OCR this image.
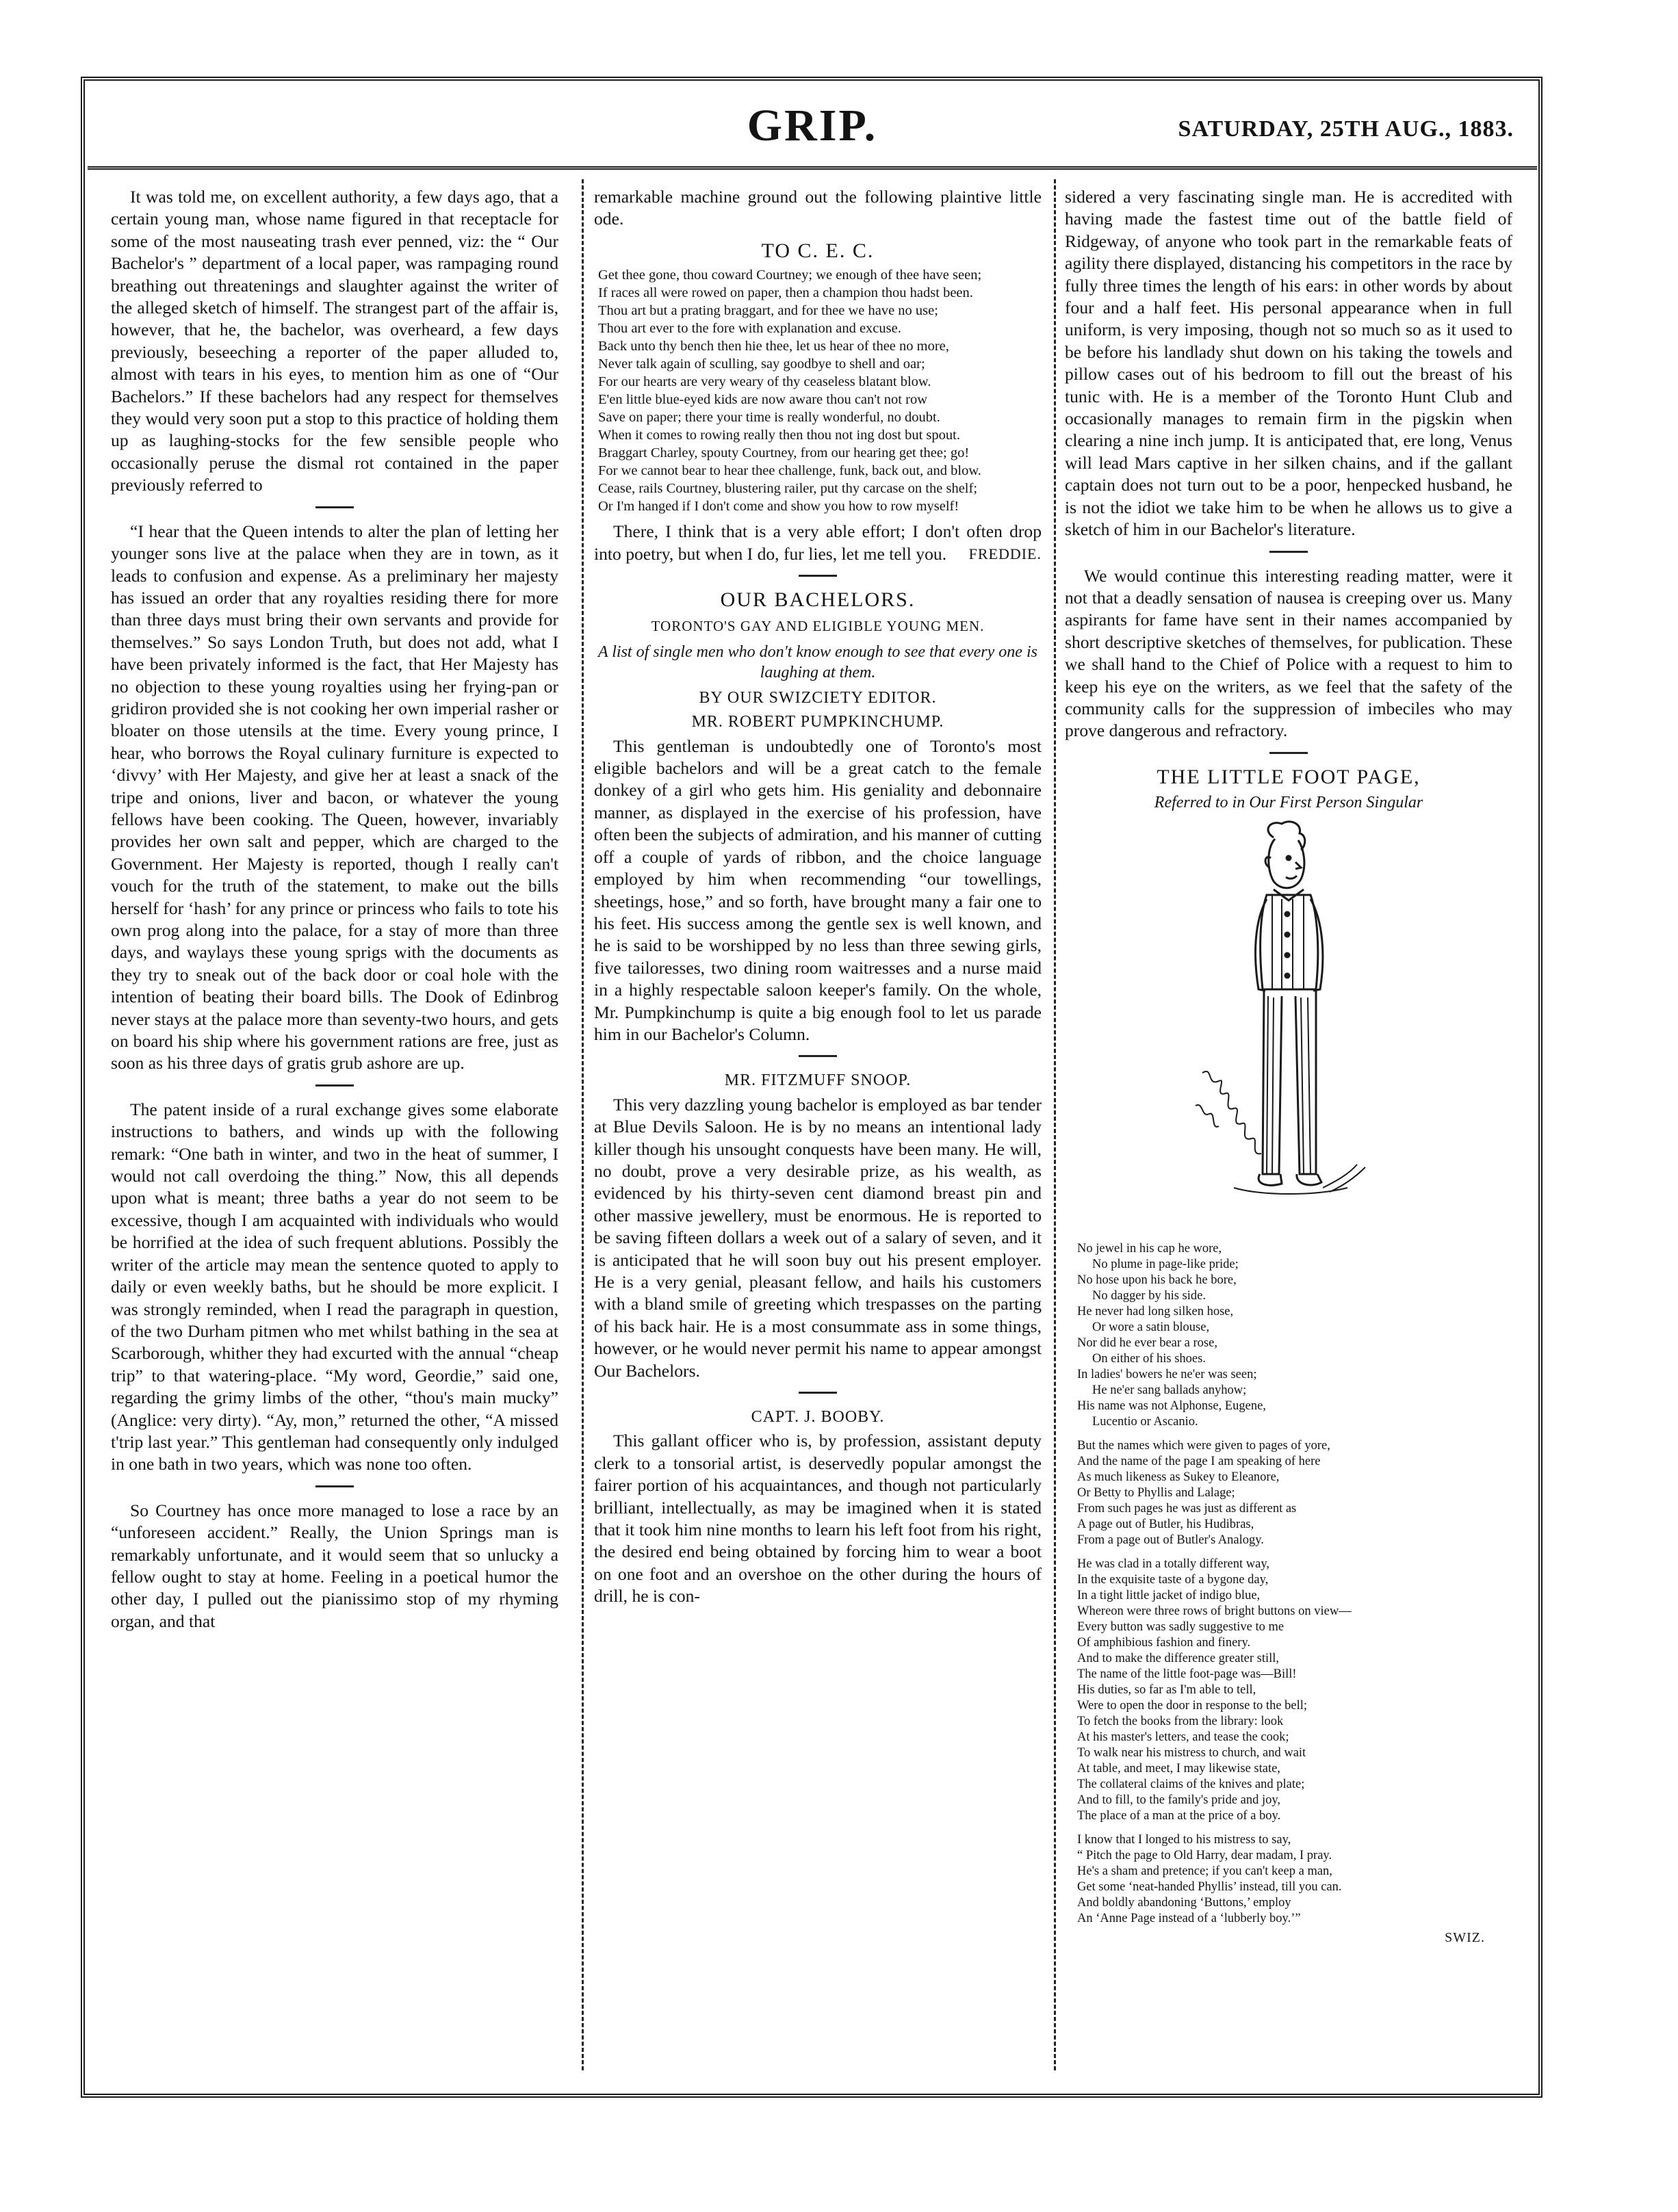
GRIP.	SATURDAY, 25TH AUG., 1883.

It was told me, on excellent authority, a few days ago, that a certain young man, whose name figured in that receptacle for some of the most nauseating trash ever penned, viz: the “ Our Bachelor's ” department of a local paper, was rampaging round breathing out threatenings and slaughter against the writer of the alleged sketch of himself. The strangest part of the affair is, however, that he, the bachelor, was overheard, a few days previously, beseeching a reporter of the paper alluded to, almost with tears in his eyes, to mention him as one of “Our Bachelors.” If these bachelors had any respect for themselves they would very soon put a stop to this practice of holding them up as laughing-stocks for the few sensible people who occasionally peruse the dismal rot contained in the paper previously referred to

“I hear that the Queen intends to alter the plan of letting her younger sons live at the palace when they are in town, as it leads to confusion and expense. As a preliminary her majesty has issued an order that any royalties residing there for more than three days must bring their own servants and provide for themselves.” So says London Truth, but does not add, what I have been privately informed is the fact, that Her Majesty has no objection to these young royalties using her frying-pan or gridiron provided she is not cooking her own imperial rasher or bloater on those utensils at the time. Every young prince, I hear, who borrows the Royal culinary furniture is expected to ‘divvy’ with Her Majesty, and give her at least a snack of the tripe and onions, liver and bacon, or whatever the young fellows have been cooking. The Queen, however, invariably provides her own salt and pepper, which are charged to the Government. Her Majesty is reported, though I really can't vouch for the truth of the statement, to make out the bills herself for ‘hash’ for any prince or princess who fails to tote his own prog along into the palace, for a stay of more than three days, and waylays these young sprigs with the documents as they try to sneak out of the back door or coal hole with the intention of beating their board bills. The Dook of Edinbrog never stays at the palace more than seventy-two hours, and gets on board his ship where his government rations are free, just as soon as his three days of gratis grub ashore are up.

The patent inside of a rural exchange gives some elaborate instructions to bathers, and winds up with the following remark: “One bath in winter, and two in the heat of summer, I would not call overdoing the thing.” Now, this all depends upon what is meant; three baths a year do not seem to be excessive, though I am acquainted with individuals who would be horrified at the idea of such frequent ablutions. Possibly the writer of the article may mean the sentence quoted to apply to daily or even weekly baths, but he should be more explicit. I was strongly reminded, when I read the paragraph in question, of the two Durham pitmen who met whilst bathing in the sea at Scarborough, whither they had excurted with the annual “cheap trip” to that watering-place. “My word, Geordie,” said one, regarding the grimy limbs of the other, “thou's main mucky” (Anglice: very dirty). “Ay, mon,” returned the other, “A missed t'trip last year.” This gentleman had consequently only indulged in one bath in two years, which was none too often.

So Courtney has once more managed to lose a race by an “unforeseen accident.” Really, the Union Springs man is remarkably unfortunate, and it would seem that so unlucky a fellow ought to stay at home. Feeling in a poetical humor the other day, I pulled out the pianissimo stop of my rhyming organ, and that

remarkable machine ground out the following plaintive little ode.

TO C. E. C.
Get thee gone, thou coward Courtney; we enough of thee have seen;
If races all were rowed on paper, then a champion thou hadst been.
Thou art but a prating braggart, and for thee we have no use;
Thou art ever to the fore with explanation and excuse.
Back unto thy bench then hie thee, let us hear of thee no more,
Never talk again of sculling, say goodbye to shell and oar;
For our hearts are very weary of thy ceaseless blatant blow.
E'en little blue-eyed kids are now aware thou can't not row
Save on paper; there your time is really wonderful, no doubt.
When it comes to rowing really then thou not ing dost but spout.
Braggart Charley, spouty Courtney, from our hearing get thee; go!
For we cannot bear to hear thee challenge, funk, back out, and blow.
Cease, rails Courtney, blustering railer, put thy carcase on the shelf;
Or I'm hanged if I don't come and show you how to row myself!

There, I think that is a very able effort; I don't often drop into poetry, but when I do, fur lies, let me tell you.	FREDDIE.

OUR BACHELORS.
TORONTO'S GAY AND ELIGIBLE YOUNG MEN.
A list of single men who don't know enough to see that every one is laughing at them.
BY OUR SWIZCIETY EDITOR.
MR. ROBERT PUMPKINCHUMP.

This gentleman is undoubtedly one of Toronto's most eligible bachelors and will be a great catch to the female donkey of a girl who gets him. His geniality and debonnaire manner, as displayed in the exercise of his profession, have often been the subjects of admiration, and his manner of cutting off a couple of yards of ribbon, and the choice language employed by him when recommending “our towellings, sheetings, hose,” and so forth, have brought many a fair one to his feet. His success among the gentle sex is well known, and he is said to be worshipped by no less than three sewing girls, five tailoresses, two dining room waitresses and a nurse maid in a highly respectable saloon keeper's family. On the whole, Mr. Pumpkinchump is quite a big enough fool to let us parade him in our Bachelor's Column.

MR. FITZMUFF SNOOP.

This very dazzling young bachelor is employed as bar tender at Blue Devils Saloon. He is by no means an intentional lady killer though his unsought conquests have been many. He will, no doubt, prove a very desirable prize, as his wealth, as evidenced by his thirty-seven cent diamond breast pin and other massive jewellery, must be enormous. He is reported to be saving fifteen dollars a week out of a salary of seven, and it is anticipated that he will soon buy out his present employer. He is a very genial, pleasant fellow, and hails his customers with a bland smile of greeting which trespasses on the parting of his back hair. He is a most consummate ass in some things, however, or he would never permit his name to appear amongst Our Bachelors.

CAPT. J. BOOBY.

This gallant officer who is, by profession, assistant deputy clerk to a tonsorial artist, is deservedly popular amongst the fairer portion of his acquaintances, and though not particularly brilliant, intellectually, as may be imagined when it is stated that it took him nine months to learn his left foot from his right, the desired end being obtained by forcing him to wear a boot on one foot and an overshoe on the other during the hours of drill, he is con-

sidered a very fascinating single man. He is accredited with having made the fastest time out of the battle field of Ridgeway, of anyone who took part in the remarkable feats of agility there displayed, distancing his competitors in the race by fully three times the length of his ears: in other words by about four and a half feet. His personal appearance when in full uniform, is very imposing, though not so much so as it used to be before his landlady shut down on his taking the towels and pillow cases out of his bedroom to fill out the breast of his tunic with. He is a member of the Toronto Hunt Club and occasionally manages to remain firm in the pigskin when clearing a nine inch jump. It is anticipated that, ere long, Venus will lead Mars captive in her silken chains, and if the gallant captain does not turn out to be a poor, henpecked husband, he is not the idiot we take him to be when he allows us to give a sketch of him in our Bachelor's literature.

We would continue this interesting reading matter, were it not that a deadly sensation of nausea is creeping over us. Many aspirants for fame have sent in their names accompanied by short descriptive sketches of themselves, for publication. These we shall hand to the Chief of Police with a request to him to keep his eye on the writers, as we feel that the safety of the community calls for the suppression of imbeciles who may prove dangerous and refractory.

THE LITTLE FOOT PAGE,
Referred to in Our First Person Singular
No jewel in his cap he wore,
No plume in page-like pride;
No hose upon his back he bore,
No dagger by his side.
He never had long silken hose,
Or wore a satin blouse,
Nor did he ever bear a rose,
On either of his shoes.
In ladies' bowers he ne'er was seen;
He ne'er sang ballads anyhow;
His name was not Alphonse, Eugene,
Lucentio or Ascanio.
But the names which were given to pages of yore,
And the name of the page I am speaking of here
As much likeness as Sukey to Eleanore,
Or Betty to Phyllis and Lalage;
From such pages he was just as different as
A page out of Butler, his Hudibras,
From a page out of Butler's Analogy.
He was clad in a totally different way,
In the exquisite taste of a bygone day,
In a tight little jacket of indigo blue,
Whereon were three rows of bright buttons on view—
Every button was sadly suggestive to me
Of amphibious fashion and finery.
And to make the difference greater still,
The name of the little foot-page was—Bill!
His duties, so far as I'm able to tell,
Were to open the door in response to the bell;
To fetch the books from the library: look
At his master's letters, and tease the cook;
To walk near his mistress to church, and wait
At table, and meet, I may likewise state,
The collateral claims of the knives and plate;
And to fill, to the family's pride and joy,
The place of a man at the price of a boy.
I know that I longed to his mistress to say,
“ Pitch the page to Old Harry, dear madam, I pray.
He's a sham and pretence; if you can't keep a man,
Get some ‘neat-handed Phyllis’ instead, till you can.
And boldly abandoning ‘Buttons,’ employ
An ‘Anne Page instead of a ‘lubberly boy.’”
SWIZ.
